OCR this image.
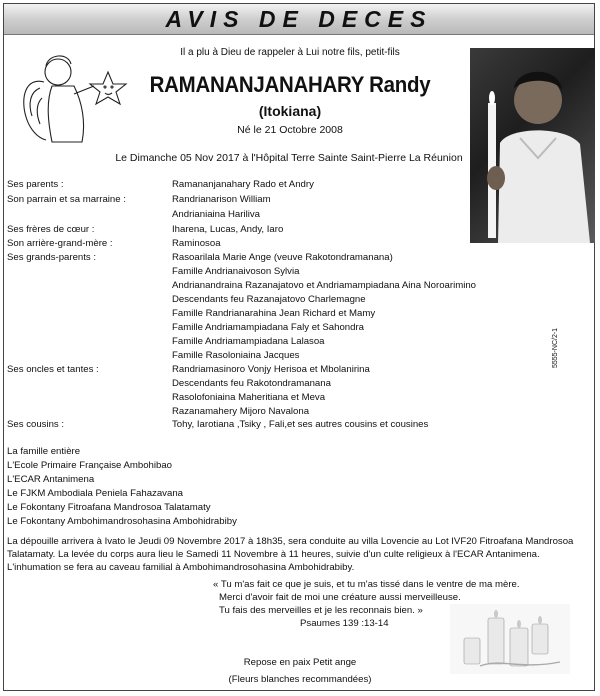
AVIS DE DECES
Il a plu à Dieu de rappeler à Lui notre fils, petit-fils
RAMANANJANAHARY Randy
(Itokiana)
Né le 21 Octobre 2008
Le Dimanche 05 Nov 2017 à l'Hôpital Terre Sainte Saint-Pierre La Réunion
Ses parents :	Ramananjanahary Rado et Andry
Son parrain et sa marraine :	Randrianarison William
Andrianiaina Hariliva
Ses frères de cœur :	Iharena, Lucas, Andy, Iaro
Son arrière-grand-mère :	Raminosoa
Ses grands-parents :	Rasoarilala Marie Ange (veuve Rakotondramanana)
Famille Andrianaivoson Sylvia
Andrianandraina Razanajatovo et Andriamampiadana Aina Noroarimino
Descendants feu Razanajatovo Charlemagne
Famille Randrianarahina Jean Richard et Mamy
Famille Andriamampiadana Faly et Sahondra
Famille Andriamampiadana Lalasoa
Famille Rasoloniaina Jacques
Ses oncles et tantes :	Randriamasinoro Vonjy Herisoa et Mbolanirina
Descendants feu Rakotondramanana
Rasolofoniaina Maheritiana et Meva
Razanamahery Mijoro Navalona
Ses cousins :	Tohy, Iarotiana ,Tsiky , Fali,et ses autres cousins et cousines
5555-NC/2-1
La famille entière
L'Ecole Primaire Française Ambohibao
L'ECAR Antanimena
Le FJKM Ambodiala Peniela Fahazavana
Le Fokontany Fitroafana Mandrosoa Talatamaty
Le Fokontany Ambohimandrosohasina Ambohidrabiby
La dépouille arrivera à Ivato le Jeudi 09 Novembre 2017 à 18h35, sera conduite au villa Lovencie au Lot IVF20 Fitroafana Mandrosoa Talatamaty. La levée du corps aura lieu le Samedi 11 Novembre à 11 heures, suivie d'un culte religieux à l'ECAR Antanimena. L'inhumation se fera au caveau familial à Ambohimandrosohasina Ambohidrabiby.
« Tu m'as fait ce que je suis, et tu m'as tissé dans le ventre de ma mère.
Merci d'avoir fait de moi une créature aussi merveilleuse.
Tu fais des merveilles et je les reconnais bien. »
Psaumes 139 :13-14
Repose en paix Petit ange
(Fleurs blanches recommandées)
